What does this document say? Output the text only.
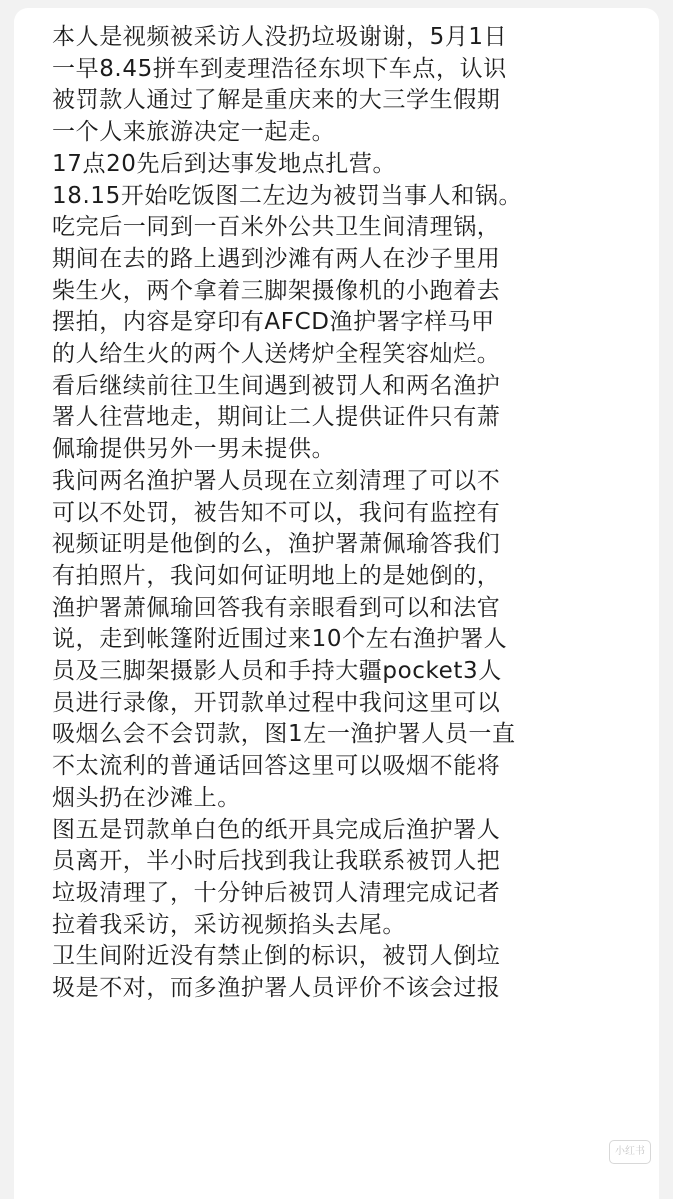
本人是视频被采访人没扔垃圾谢谢，5月1日
一早8.45拼车到麦理浩径东坝下车点，认识
被罚款人通过了解是重庆来的大三学生假期
一个人来旅游决定一起走。
17点20先后到达事发地点扎营。
18.15开始吃饭图二左边为被罚当事人和锅。
吃完后一同到一百米外公共卫生间清理锅，
期间在去的路上遇到沙滩有两人在沙子里用
柴生火，两个拿着三脚架摄像机的小跑着去
摆拍，内容是穿印有AFCD渔护署字样马甲
的人给生火的两个人送烤炉全程笑容灿烂。
看后继续前往卫生间遇到被罚人和两名渔护
署人往营地走，期间让二人提供证件只有萧
佩瑜提供另外一男未提供。
我问两名渔护署人员现在立刻清理了可以不
可以不处罚，被告知不可以，我问有监控有
视频证明是他倒的么，渔护署萧佩瑜答我们
有拍照片，我问如何证明地上的是她倒的，
渔护署萧佩瑜回答我有亲眼看到可以和法官
说，走到帐篷附近围过来10个左右渔护署人
员及三脚架摄影人员和手持大疆pocket3人
员进行录像，开罚款单过程中我问这里可以
吸烟么会不会罚款，图1左一渔护署人员一直
不太流利的普通话回答这里可以吸烟不能将
烟头扔在沙滩上。
图五是罚款单白色的纸开具完成后渔护署人
员离开，半小时后找到我让我联系被罚人把
垃圾清理了，十分钟后被罚人清理完成记者
拉着我采访，采访视频掐头去尾。
卫生间附近没有禁止倒的标识，被罚人倒垃
圾是不对，而多渔护署人员评价不该会过报
小红书
